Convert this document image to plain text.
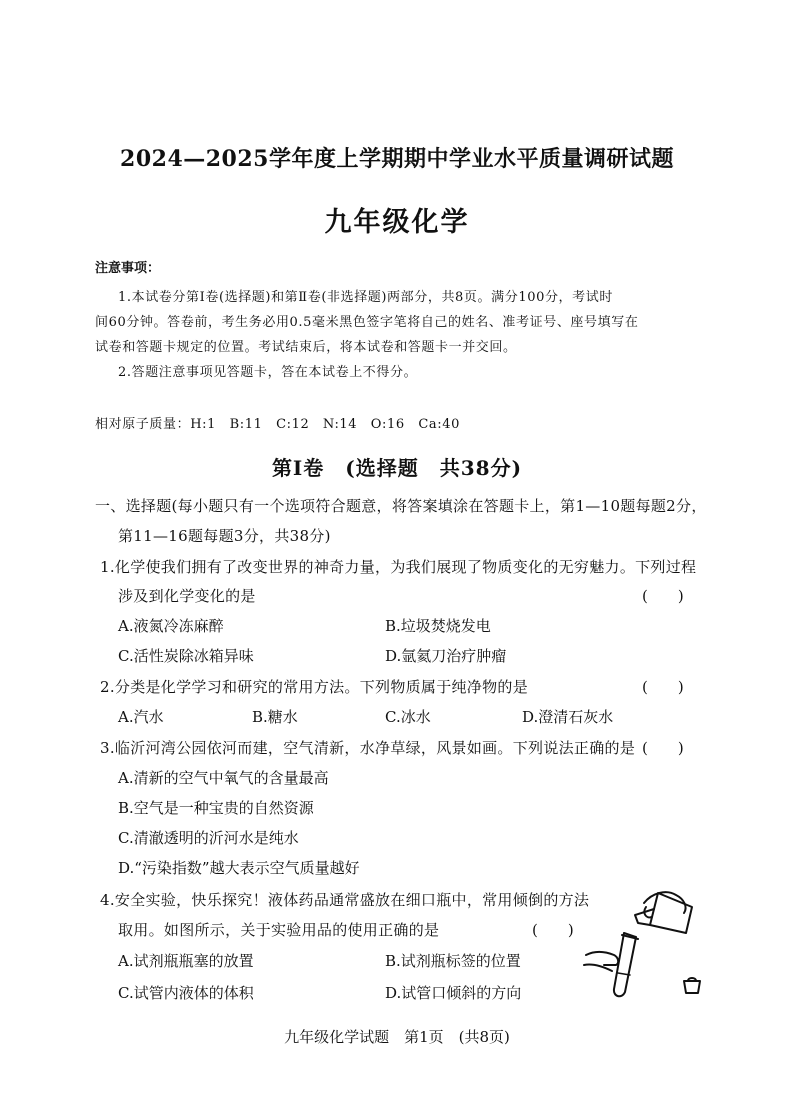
2024—2025学年度上学期期中学业水平质量调研试题
九年级化学
注意事项：
1.本试卷分第Ⅰ卷(选择题)和第Ⅱ卷(非选择题)两部分，共8页。满分100分，考试时
间60分钟。答卷前，考生务必用0.5毫米黑色签字笔将自己的姓名、准考证号、座号填写在
试卷和答题卡规定的位置。考试结束后，将本试卷和答题卡一并交回。
2.答题注意事项见答题卡，答在本试卷上不得分。
相对原子质量：H:1　B:11　C:12　N:14　O:16　Ca:40
第Ⅰ卷　(选择题　共38分)
一、选择题(每小题只有一个选项符合题意，将答案填涂在答题卡上，第1—10题每题2分，
第11—16题每题3分，共38分)
1.化学使我们拥有了改变世界的神奇力量，为我们展现了物质变化的无穷魅力。下列过程
涉及到化学变化的是	(　　)
A.液氮冷冻麻醉	B.垃圾焚烧发电
C.活性炭除冰箱异味	D.氩氦刀治疗肿瘤
2.分类是化学学习和研究的常用方法。下列物质属于纯净物的是	(　　)
A.汽水	B.糖水	C.冰水	D.澄清石灰水
3.临沂河湾公园依河而建，空气清新，水净草绿，风景如画。下列说法正确的是 (　　)
A.清新的空气中氧气的含量最高
B.空气是一种宝贵的自然资源
C.清澈透明的沂河水是纯水
D.“污染指数”越大表示空气质量越好
4.安全实验，快乐探究！液体药品通常盛放在细口瓶中，常用倾倒的方法
取用。如图所示，关于实验用品的使用正确的是	(　　)
A.试剂瓶瓶塞的放置	B.试剂瓶标签的位置
C.试管内液体的体积	D.试管口倾斜的方向
九年级化学试题　第1页　(共8页)
